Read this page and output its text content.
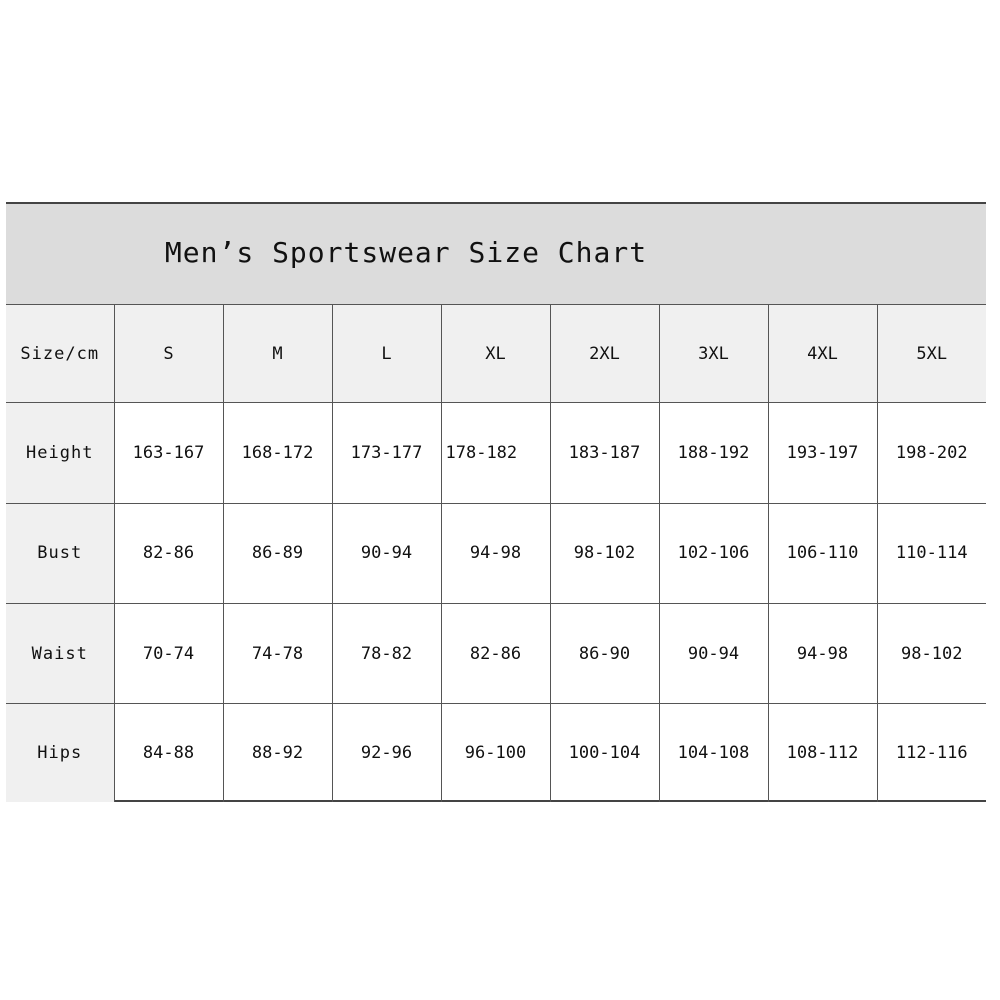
Men’s Sportswear Size Chart
Size/cm	S	M	L	XL	2XL	3XL	4XL	5XL
Height	163-167	168-172	173-177	178-182	183-187	188-192	193-197	198-202
Bust	82-86	86-89	90-94	94-98	98-102	102-106	106-110	110-114
Waist	70-74	74-78	78-82	82-86	86-90	90-94	94-98	98-102
Hips	84-88	88-92	92-96	96-100	100-104	104-108	108-112	112-116
